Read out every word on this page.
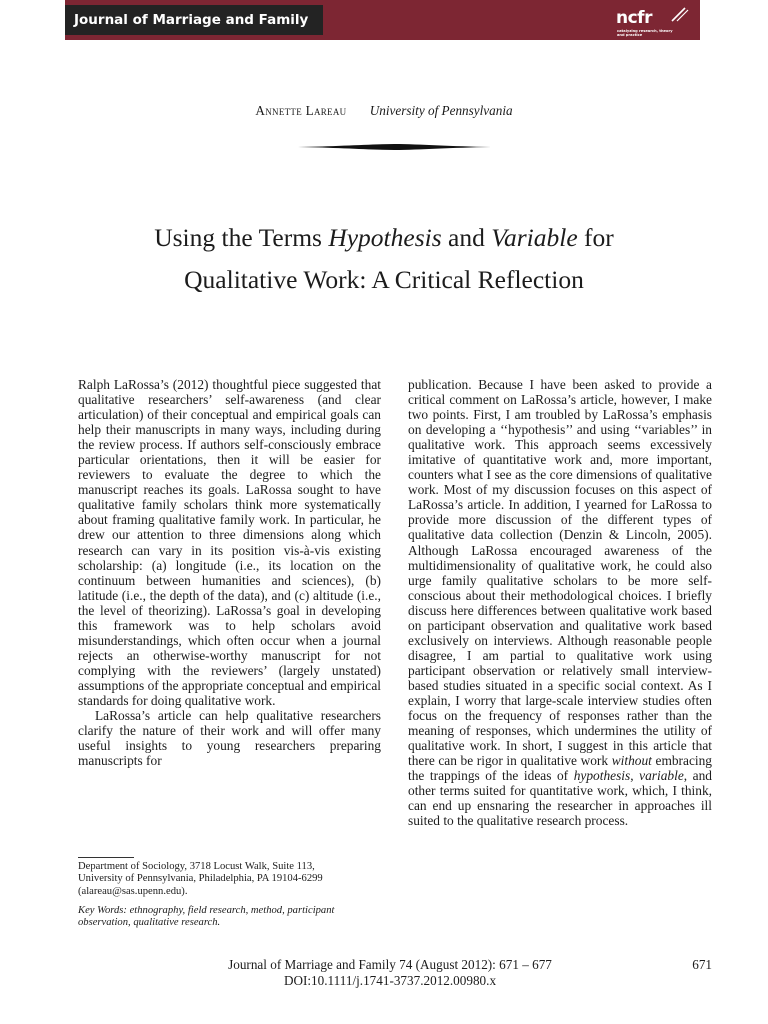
Journal of Marriage and Family	ncfr
catalyzing research, theory and practice
Annette Lareau University of Pennsylvania
Using the Terms Hypothesis and Variable for
Qualitative Work: A Critical Reflection

Ralph LaRossa’s (2012) thoughtful piece suggested that qualitative researchers’ self-awareness (and clear articulation) of their conceptual and empirical goals can help their manuscripts in many ways, including during the review process. If authors self-consciously embrace particular orientations, then it will be easier for reviewers to evaluate the degree to which the manuscript reaches its goals. LaRossa sought to have qualitative family scholars think more systematically about framing qualitative family work. In particular, he drew our attention to three dimensions along which research can vary in its position vis-à-vis existing scholarship: (a) longitude (i.e., its location on the continuum between humanities and sciences), (b) latitude (i.e., the depth of the data), and (c) altitude (i.e., the level of theorizing). LaRossa’s goal in developing this framework was to help scholars avoid misunderstandings, which often occur when a journal rejects an otherwise-worthy manuscript for not complying with the reviewers’ (largely unstated) assumptions of the appropriate conceptual and empirical standards for doing qualitative work.

LaRossa’s article can help qualitative researchers clarify the nature of their work and will offer many useful insights to young researchers preparing manuscripts for

publication. Because I have been asked to provide a critical comment on LaRossa’s article, however, I make two points. First, I am troubled by LaRossa’s emphasis on developing a ‘‘hypothesis’’ and using ‘‘variables’’ in qualitative work. This approach seems excessively imitative of quantitative work and, more important, counters what I see as the core dimensions of qualitative work. Most of my discussion focuses on this aspect of LaRossa’s article. In addition, I yearned for LaRossa to provide more discussion of the different types of qualitative data collection (Denzin & Lincoln, 2005). Although LaRossa encouraged awareness of the multidimensionality of qualitative work, he could also urge family qualitative scholars to be more self-conscious about their methodological choices. I briefly discuss here differences between qualitative work based on participant observation and qualitative work based exclusively on interviews. Although reasonable people disagree, I am partial to qualitative work using participant observation or relatively small interview-based studies situated in a specific social context. As I explain, I worry that large-scale interview studies often focus on the frequency of responses rather than the meaning of responses, which undermines the utility of qualitative work. In short, I suggest in this article that there can be rigor in qualitative work without embracing the trappings of the ideas of hypothesis, variable, and other terms suited for quantitative work, which, I think, can end up ensnaring the researcher in approaches ill suited to the qualitative research process.

Department of Sociology, 3718 Locust Walk, Suite 113,
University of Pennsylvania, Philadelphia, PA 19104-6299
(alareau@sas.upenn.edu).
Key Words: ethnography, field research, method, participant observation, qualitative research.
Journal of Marriage and Family 74 (August 2012): 671 – 677	671
DOI:10.1111/j.1741-3737.2012.00980.x
